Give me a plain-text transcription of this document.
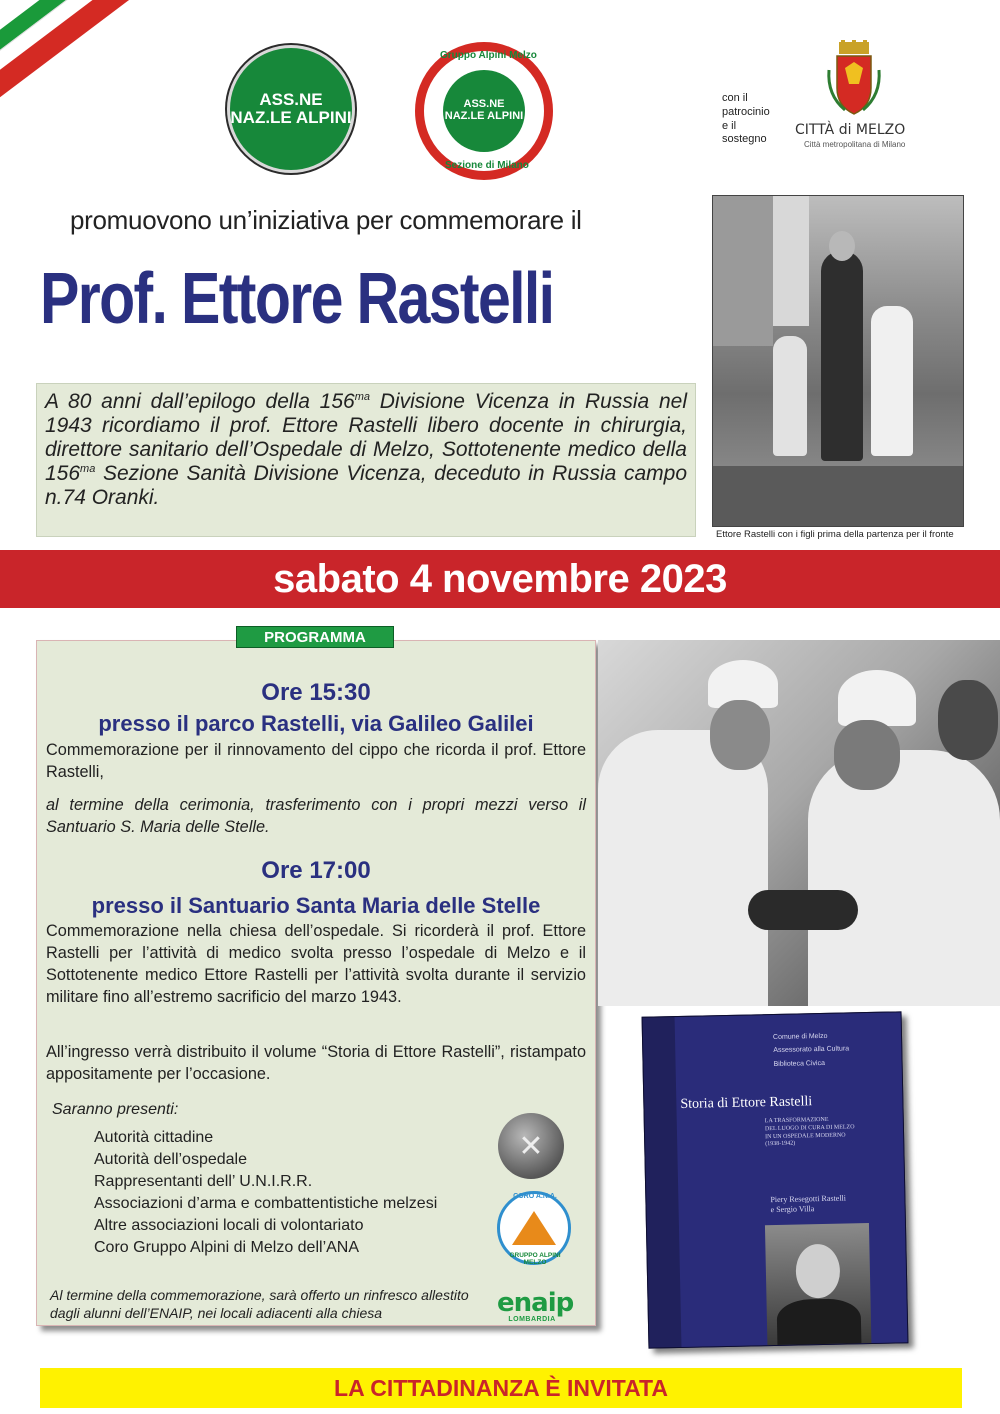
ASS.NE NAZ.LE ALPINI
ASS.NE NAZ.LE ALPINI
Gruppo Alpini Melzo
Sezione di Milano
con il
patrocinio
e il
sostegno
CITTÀ di MELZO
Città metropolitana di Milano
promuovono un’iniziativa per commemorare il
Prof. Ettore Rastelli
Ettore Rastelli con i figli prima della partenza per il fronte
A 80 anni dall’epilogo della $156^{ma}$ Divisione Vicenza in Russia nel 1943 ricordiamo il prof. Ettore Rastelli libero docente in chirurgia, direttore sanitario dell’Ospedale di Melzo, Sottotenente medico della $156^{ma}$ Sezione Sanità Divisione Vicenza, deceduto in Russia campo n.74 Oranki.
sabato 4 novembre 2023
PROGRAMMA
Ore 15:30
presso il parco Rastelli, via Galileo Galilei
Commemorazione per il rinnovamento del cippo che ricorda il prof. Ettore Rastelli,
al termine della cerimonia, trasferimento con i propri mezzi verso il Santuario S. Maria delle Stelle.
Ore 17:00
presso il Santuario Santa Maria delle Stelle
Commemorazione nella chiesa dell’ospedale. Si ricorderà il prof. Ettore Rastelli per l’attività di medico svolta presso l’ospedale di Melzo e il Sottotenente medico Ettore Rastelli per l’attività svolta durante il servizio militare fino all’estremo sacrificio del marzo 1943.
All’ingresso verrà distribuito il volume “Storia di Ettore Rastelli”, ristampato appositamente per l’occasione.
Saranno presenti:
Autorità cittadine
Autorità dell’ospedale
Rappresentanti dell’ U.N.I.R.R.
Associazioni d’arma e combattentistiche melzesi
Altre associazioni locali di volontariato
Coro Gruppo Alpini di Melzo dell’ANA
✕
CORO A.N.A.
GRUPPO ALPINI MELZO
Al termine della commemorazione, sarà offerto un rinfresco allestito dagli alunni dell’ENAIP, nei locali adiacenti alla chiesa	enaip
LOMBARDIA
Comune di Melzo
Assessorato alla Cultura
Biblioteca Civica
Storia di Ettore Rastelli
LA TRASFORMAZIONE
DEL LUOGO DI CURA DI MELZO
IN UN OSPEDALE MODERNO
(1938-1942)
Piery Resegotti Rastelli
e Sergio Villa
LA CITTADINANZA È INVITATA
